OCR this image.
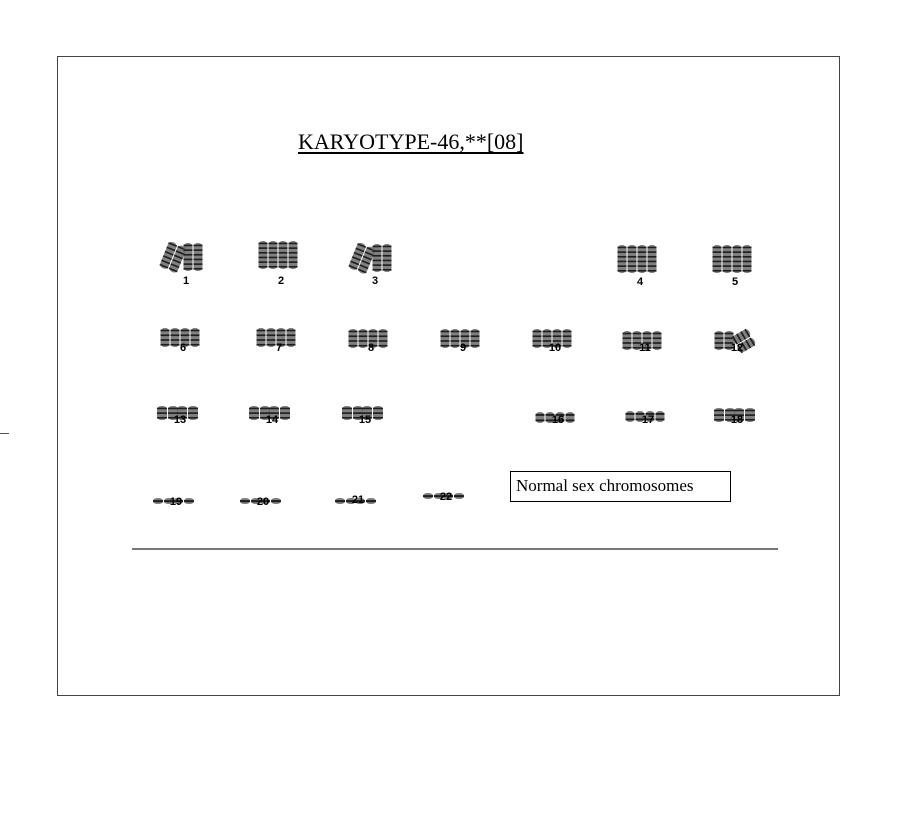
KARYOTYPE-46,**[08]
1	2	3	4	5
6	7	8	9	10	11	12
13	14	15	16	17	18
19	20	21	22
Normal sex chromosomes
